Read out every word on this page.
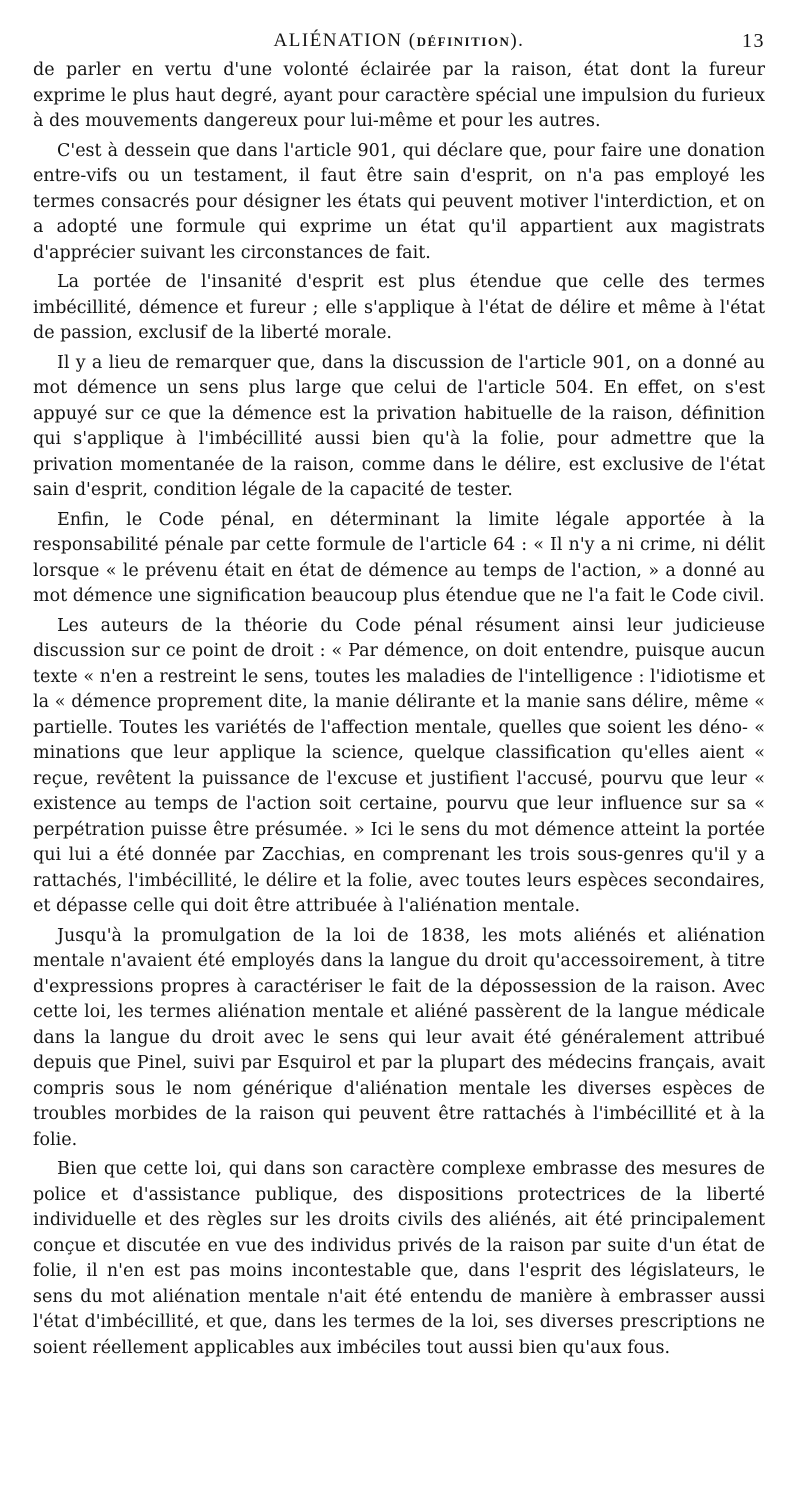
ALIÉNATION (DÉFINITION).	13

de parler en vertu d'une volonté éclairée par la raison, état dont la fureur exprime le plus haut degré, ayant pour caractère spécial une impulsion du furieux à des mouvements dangereux pour lui-même et pour les autres.

C'est à dessein que dans l'article 901, qui déclare que, pour faire une donation entre-vifs ou un testament, il faut être sain d'esprit, on n'a pas employé les termes consacrés pour désigner les états qui peuvent motiver l'interdiction, et on a adopté une formule qui exprime un état qu'il appartient aux magistrats d'apprécier suivant les circonstances de fait.

La portée de l'insanité d'esprit est plus étendue que celle des termes imbécillité, démence et fureur ; elle s'applique à l'état de délire et même à l'état de passion, exclusif de la liberté morale.

Il y a lieu de remarquer que, dans la discussion de l'article 901, on a donné au mot démence un sens plus large que celui de l'article 504. En effet, on s'est appuyé sur ce que la démence est la privation habituelle de la raison, définition qui s'applique à l'imbécillité aussi bien qu'à la folie, pour admettre que la privation momentanée de la raison, comme dans le délire, est exclusive de l'état sain d'esprit, condition légale de la capacité de tester.

Enfin, le Code pénal, en déterminant la limite légale apportée à la responsabilité pénale par cette formule de l'article 64 : « Il n'y a ni crime, ni délit lorsque « le prévenu était en état de démence au temps de l'action, » a donné au mot démence une signification beaucoup plus étendue que ne l'a fait le Code civil.

Les auteurs de la théorie du Code pénal résument ainsi leur judicieuse discussion sur ce point de droit : « Par démence, on doit entendre, puisque aucun texte « n'en a restreint le sens, toutes les maladies de l'intelligence : l'idiotisme et la « démence proprement dite, la manie délirante et la manie sans délire, même « partielle. Toutes les variétés de l'affection mentale, quelles que soient les déno- « minations que leur applique la science, quelque classification qu'elles aient « reçue, revêtent la puissance de l'excuse et justifient l'accusé, pourvu que leur « existence au temps de l'action soit certaine, pourvu que leur influence sur sa « perpétration puisse être présumée. » Ici le sens du mot démence atteint la portée qui lui a été donnée par Zacchias, en comprenant les trois sous-genres qu'il y a rattachés, l'imbécillité, le délire et la folie, avec toutes leurs espèces secondaires, et dépasse celle qui doit être attribuée à l'aliénation mentale.

Jusqu'à la promulgation de la loi de 1838, les mots aliénés et aliénation mentale n'avaient été employés dans la langue du droit qu'accessoirement, à titre d'expressions propres à caractériser le fait de la dépossession de la raison. Avec cette loi, les termes aliénation mentale et aliéné passèrent de la langue médicale dans la langue du droit avec le sens qui leur avait été généralement attribué depuis que Pinel, suivi par Esquirol et par la plupart des médecins français, avait compris sous le nom générique d'aliénation mentale les diverses espèces de troubles morbides de la raison qui peuvent être rattachés à l'imbécillité et à la folie.

Bien que cette loi, qui dans son caractère complexe embrasse des mesures de police et d'assistance publique, des dispositions protectrices de la liberté individuelle et des règles sur les droits civils des aliénés, ait été principalement conçue et discutée en vue des individus privés de la raison par suite d'un état de folie, il n'en est pas moins incontestable que, dans l'esprit des législateurs, le sens du mot aliénation mentale n'ait été entendu de manière à embrasser aussi l'état d'imbécillité, et que, dans les termes de la loi, ses diverses prescriptions ne soient réellement applicables aux imbéciles tout aussi bien qu'aux fous.
